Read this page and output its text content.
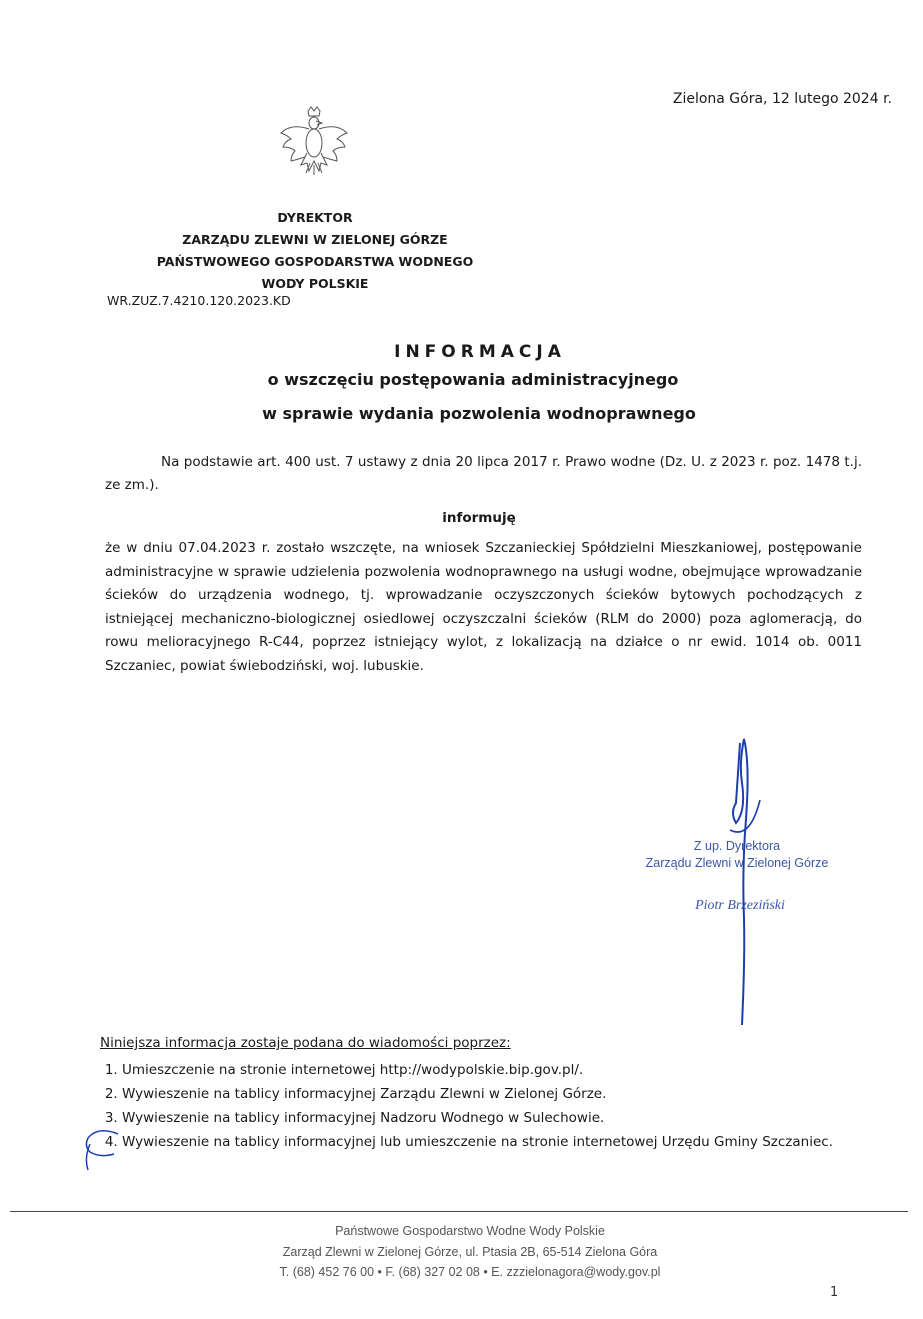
Zielona Góra, 12 lutego 2024 r.
DYREKTOR
ZARZĄDU ZLEWNI W ZIELONEJ GÓRZE
PAŃSTWOWEGO GOSPODARSTWA WODNEGO
WODY POLSKIE
WR.ZUZ.7.4210.120.2023.KD
INFORMACJA
o wszczęciu postępowania administracyjnego
w sprawie wydania pozwolenia wodnoprawnego
Na podstawie art. 400 ust. 7 ustawy z dnia 20 lipca 2017 r. Prawo wodne (Dz. U. z 2023 r. poz. 1478 t.j. ze zm.).
informuję
że w dniu 07.04.2023 r. zostało wszczęte, na wniosek Szczanieckiej Spółdzielni Mieszkaniowej, postępowanie administracyjne w sprawie udzielenia pozwolenia wodnoprawnego na usługi wodne, obejmujące wprowadzanie ścieków do urządzenia wodnego, tj. wprowadzanie oczyszczonych ścieków bytowych pochodzących z istniejącej mechaniczno-biologicznej osiedlowej oczyszczalni ścieków (RLM do 2000) poza aglomeracją, do rowu melioracyjnego R-C44, poprzez istniejący wylot, z lokalizacją na działce o nr ewid. 1014 ob. 0011 Szczaniec, powiat świebodziński, woj. lubuskie.
Z up. Dyrektora
Zarządu Zlewni w Zielonej Górze
Piotr Brzeziński
Niniejsza informacja zostaje podana do wiadomości poprzez:
1. Umieszczenie na stronie internetowej http://wodypolskie.bip.gov.pl/.
2. Wywieszenie na tablicy informacyjnej Zarządu Zlewni w Zielonej Górze.
3. Wywieszenie na tablicy informacyjnej Nadzoru Wodnego w Sulechowie.
4. Wywieszenie na tablicy informacyjnej lub umieszczenie na stronie internetowej Urzędu Gminy Szczaniec.
Państwowe Gospodarstwo Wodne Wody Polskie
Zarząd Zlewni w Zielonej Górze, ul. Ptasia 2B, 65-514 Zielona Góra
T. (68) 452 76 00 • F. (68) 327 02 08 • E. zzzielonagora@wody.gov.pl
1
